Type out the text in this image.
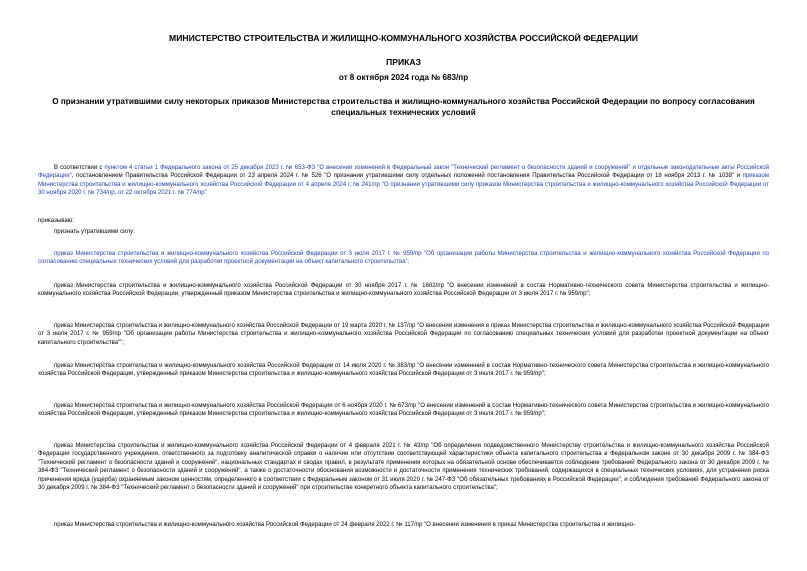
МИНИСТЕРСТВО СТРОИТЕЛЬСТВА И ЖИЛИЩНО-КОММУНАЛЬНОГО ХОЗЯЙСТВА РОССИЙСКОЙ ФЕДЕРАЦИИ
ПРИКАЗ
от 8 октября 2024 года № 683/пр
О признании утратившими силу некоторых приказов Министерства строительства и жилищно-коммунального хозяйства Российской Федерации по вопросу согласования специальных технических условий
В соответствии с пунктом 4 статьи 1 Федерального закона от 25 декабря 2023 г. № 653-ФЗ "О внесении изменений в Федеральный закон "Технический регламент о безопасности зданий и сооружений" и отдельные законодательные акты Российской Федерации", постановлением Правительства Российской Федерации от 23 апреля 2024 г. № 526 "О признании утратившими силу отдельных положений постановления Правительства Российской Федерации от 18 ноября 2013 г. № 1038" и приказом Министерства строительства и жилищно-коммунального хозяйства Российской Федерации от 4 апреля 2024 г. № 241/пр "О признании утратившими силу приказов Министерства строительства и жилищно-коммунального хозяйства Российской Федерации от 30 ноября 2020 г. № 734/пр, от 22 октября 2021 г. № 774/пр"
приказываю:
признать утратившими силу:
приказ Министерства строительства и жилищно-коммунального хозяйства Российской Федерации от 3 июля 2017 г. № 959/пр "Об организации работы Министерства строительства и жилищно-коммунального хозяйства Российской Федерации по согласованию специальных технических условий для разработки проектной документации на объект капитального строительства";
приказ Министерства строительства и жилищно-коммунального хозяйства Российской Федерации от 30 ноября 2017 г. № 1602/пр "О внесении изменений в состав Нормативно-технического совета Министерства строительства и жилищно-коммунального хозяйства Российской Федерации, утвержденный приказом Министерства строительства и жилищно-коммунального хозяйства Российской Федерации от 3 июля 2017 г. № 959/пр";
приказ Министерства строительства и жилищно-коммунального хозяйства Российской Федерации от 19 марта 2020 г. № 137/пр "О внесении изменения в приказ Министерства строительства и жилищно-коммунального хозяйства Российской Федерации от 3 июля 2017 г. № 959/пр "Об организации работы Министерства строительства и жилищно-коммунального хозяйства Российской Федерации по согласованию специальных технических условий для разработки проектной документации на объект капитального строительства"";
приказ Министерства строительства и жилищно-коммунального хозяйства Российской Федерации от 14 июля 2020 г. № 383/пр "О внесении изменений в состав Нормативно-технического совета Министерства строительства и жилищно-коммунального хозяйства Российской Федерации, утвержденный приказом Министерства строительства и жилищно-коммунального хозяйства Российской Федерации от 3 июля 2017 г. № 959/пр";
приказ Министерства строительства и жилищно-коммунального хозяйства Российской Федерации от 6 ноября 2020 г. № 673/пр "О внесении изменений в состав Нормативно-технического совета Министерства строительства и жилищно-коммунального хозяйства Российской Федерации, утвержденный приказом Министерства строительства и жилищно-коммунального хозяйства Российской Федерации от 3 июля 2017 г. № 959/пр";
приказ Министерства строительства и жилищно-коммунального хозяйства Российской Федерации от 4 февраля 2021 г. № 43/пр "Об определении подведомственного Министерству строительства и жилищно-коммунального хозяйства Российской Федерации государственного учреждения, ответственного за подготовку аналитической справки о наличии или отсутствии соответствующей характеристики объекта капитального строительства в Федеральном законе от 30 декабря 2009 г. № 384-ФЗ "Технический регламент о безопасности зданий и сооружений", национальных стандартах и сводах правил, в результате применения которых на обязательной основе обеспечивается соблюдение требований Федерального закона от 30 декабря 2009 г. № 384-ФЗ "Технический регламент о безопасности зданий и сооружений", а также о достаточности обоснования возможности и достаточности применения технических требований, содержащихся в специальных технических условиях, для устранения риска причинения вреда (ущерба) охраняемым законом ценностям, определенного в соответствии с Федеральным законом от 31 июля 2020 г. № 247-ФЗ "Об обязательных требованиях в Российской Федерации", и соблюдения требований Федерального закона от 30 декабря 2009 г. № 384-ФЗ "Технический регламент о безопасности зданий и сооружений" при строительстве конкретного объекта капитального строительства";
приказ Министерства строительства и жилищно-коммунального хозяйства Российской Федерации от 24 февраля 2022 г. № 117/пр "О внесении изменения в приказ Министерства строительства и жилищно-
